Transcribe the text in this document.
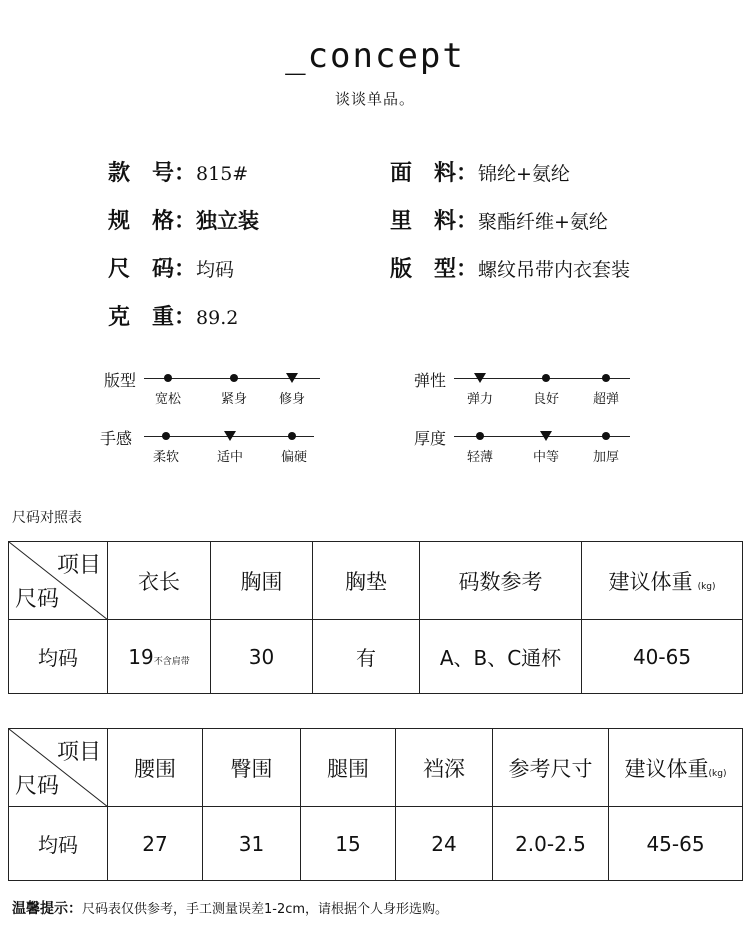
_concept
谈谈单品。
款　号：815#	面　料：锦纶+氨纶
规　格：独立装	里　料：聚酯纤维+氨纶
尺　码：均码	版　型：螺纹吊带内衣套装
克　重：89.2
版型
宽松	紧身	修身
弹性
弹力	良好	超弹
手感
柔软	适中	偏硬
厚度
轻薄	中等	加厚
尺码对照表
项目
尺码	衣长	胸围	胸垫	码数参考	建议体重 (kg)
均码	19不含肩带	30	有	A、B、C通杯	40-65
项目
尺码	腰围	臀围	腿围	裆深	参考尺寸	建议体重(kg)
均码	27	31	15	24	2.0-2.5	45-65
温馨提示：尺码表仅供参考，手工测量误差1-2cm，请根据个人身形选购。
